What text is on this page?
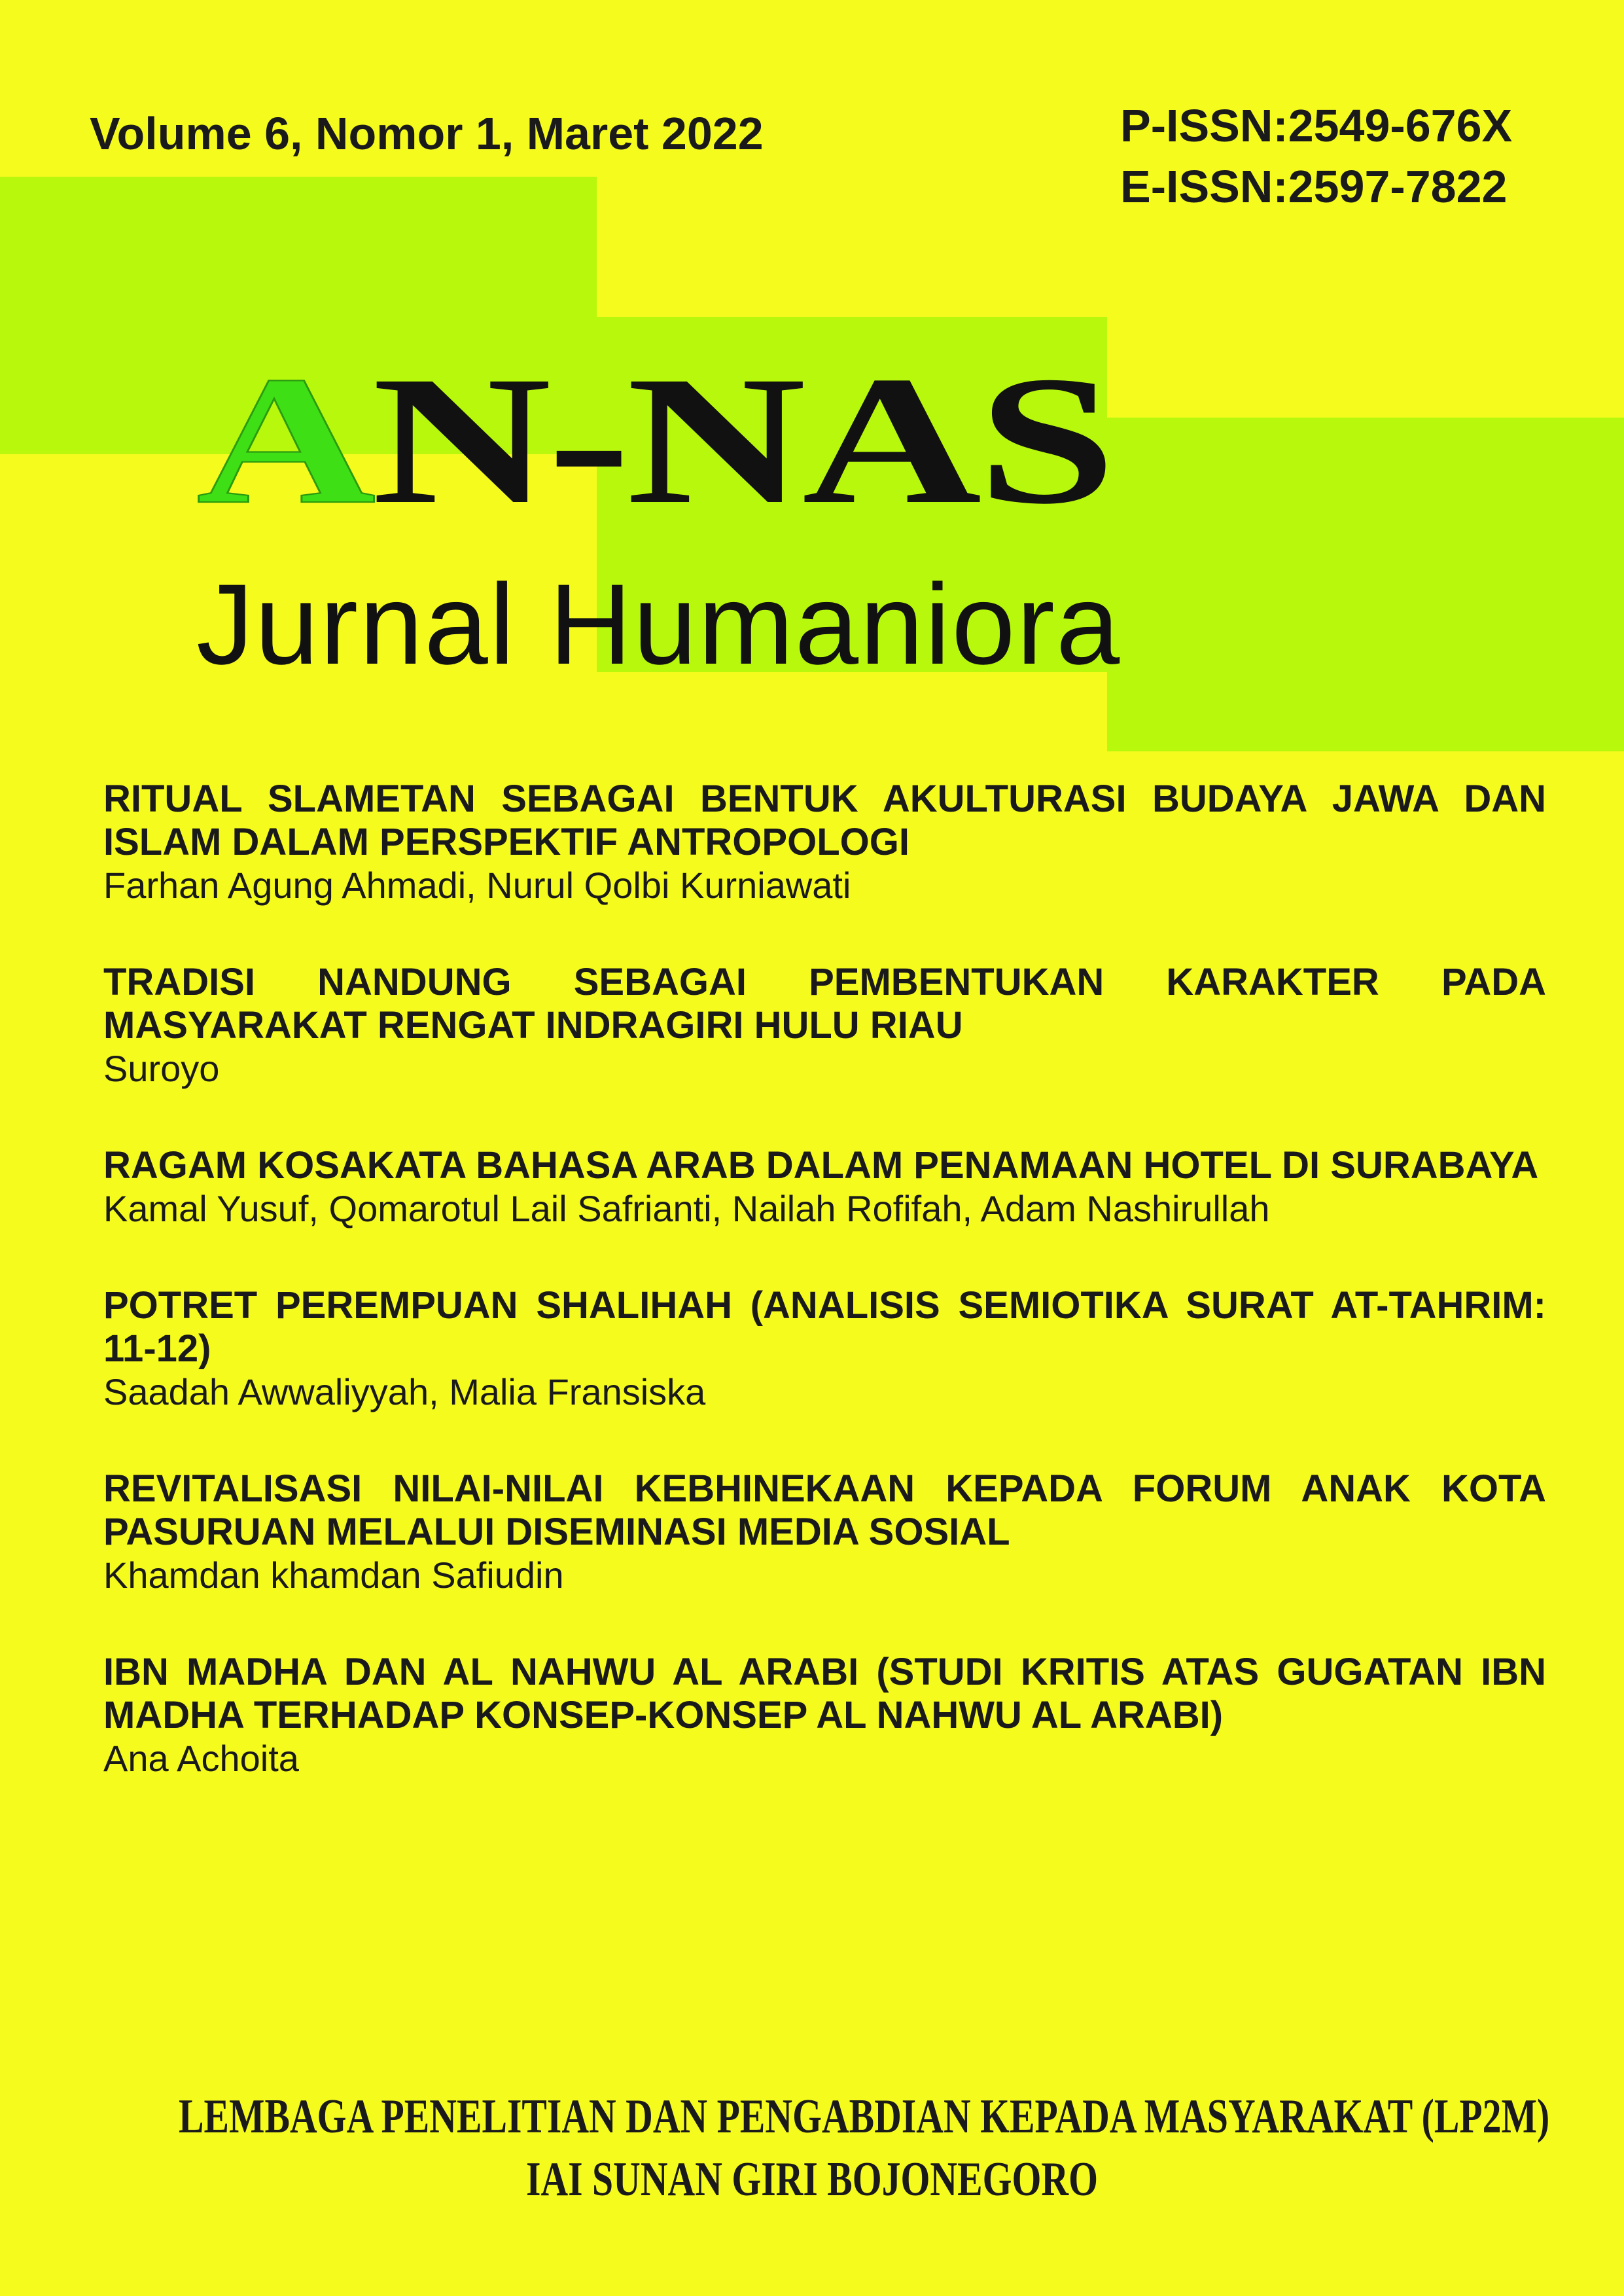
Volume 6, Nomor 1, Maret 2022	P-ISSN:2549-676X
E-ISSN:2597-7822
AN-NAS
Jurnal Humaniora

RITUAL SLAMETAN SEBAGAI BENTUK AKULTURASI BUDAYA JAWA DAN ISLAM DALAM PERSPEKTIF ANTROPOLOGI

Farhan Agung Ahmadi, Nurul Qolbi Kurniawati

TRADISI NANDUNG SEBAGAI PEMBENTUKAN KARAKTER PADA MASYARAKAT RENGAT INDRAGIRI HULU RIAU

Suroyo

RAGAM KOSAKATA BAHASA ARAB DALAM PENAMAAN HOTEL DI SURABAYA

Kamal Yusuf, Qomarotul Lail Safrianti, Nailah Rofifah, Adam Nashirullah

POTRET PEREMPUAN SHALIHAH (ANALISIS SEMIOTIKA SURAT AT-TAHRIM: 11-12)

Saadah Awwaliyyah, Malia Fransiska

REVITALISASI NILAI-NILAI KEBHINEKAAN KEPADA FORUM ANAK KOTA PASURUAN MELALUI DISEMINASI MEDIA SOSIAL

Khamdan khamdan Safiudin

IBN MADHA DAN AL NAHWU AL ARABI (STUDI KRITIS ATAS GUGATAN IBN MADHA TERHADAP KONSEP-KONSEP AL NAHWU AL ARABI)

Ana Achoita

LEMBAGA PENELITIAN DAN PENGABDIAN KEPADA MASYARAKAT (LP2M)
IAI SUNAN GIRI BOJONEGORO
